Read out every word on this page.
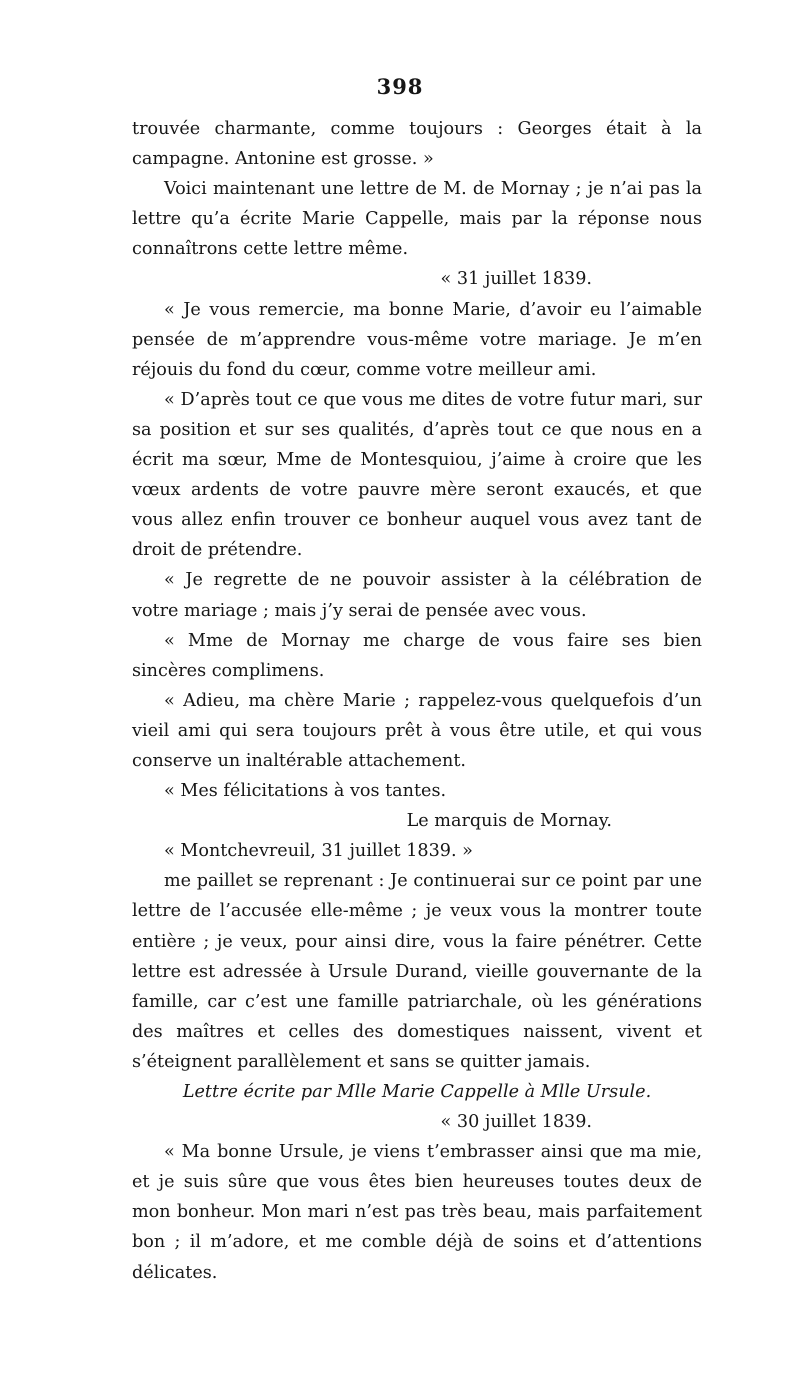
398

trouvée charmante, comme toujours : Georges était à la campagne. Antonine est grosse. »

Voici maintenant une lettre de M. de Mornay ; je n’ai pas la lettre qu’a écrite Marie Cappelle, mais par la réponse nous connaîtrons cette lettre même.

« 31 juillet 1839.

« Je vous remercie, ma bonne Marie, d’avoir eu l’aimable pensée de m’apprendre vous-même votre mariage. Je m’en réjouis du fond du cœur, comme votre meilleur ami.

« D’après tout ce que vous me dites de votre futur mari, sur sa position et sur ses qualités, d’après tout ce que nous en a écrit ma sœur, Mme de Montesquiou, j’aime à croire que les vœux ardents de votre pauvre mère seront exaucés, et que vous allez enfin trouver ce bonheur auquel vous avez tant de droit de prétendre.

« Je regrette de ne pouvoir assister à la célébration de votre mariage ; mais j’y serai de pensée avec vous.

« Mme de Mornay me charge de vous faire ses bien sincères complimens.

« Adieu, ma chère Marie ; rappelez-vous quelquefois d’un vieil ami qui sera toujours prêt à vous être utile, et qui vous conserve un inaltérable attachement.

« Mes félicitations à vos tantes.

Le marquis de Mornay.

« Montchevreuil, 31 juillet 1839. »

me paillet se reprenant : Je continuerai sur ce point par une lettre de l’accusée elle-même ; je veux vous la montrer toute entière ; je veux, pour ainsi dire, vous la faire pénétrer. Cette lettre est adressée à Ursule Durand, vieille gouvernante de la famille, car c’est une famille patriarchale, où les générations des maîtres et celles des domestiques naissent, vivent et s’éteignent parallèlement et sans se quitter jamais.

Lettre écrite par Mlle Marie Cappelle à Mlle Ursule.

« 30 juillet 1839.

« Ma bonne Ursule, je viens t’embrasser ainsi que ma mie, et je suis sûre que vous êtes bien heureuses toutes deux de mon bonheur. Mon mari n’est pas très beau, mais parfaitement bon ; il m’adore, et me comble déjà de soins et d’attentions délicates.
